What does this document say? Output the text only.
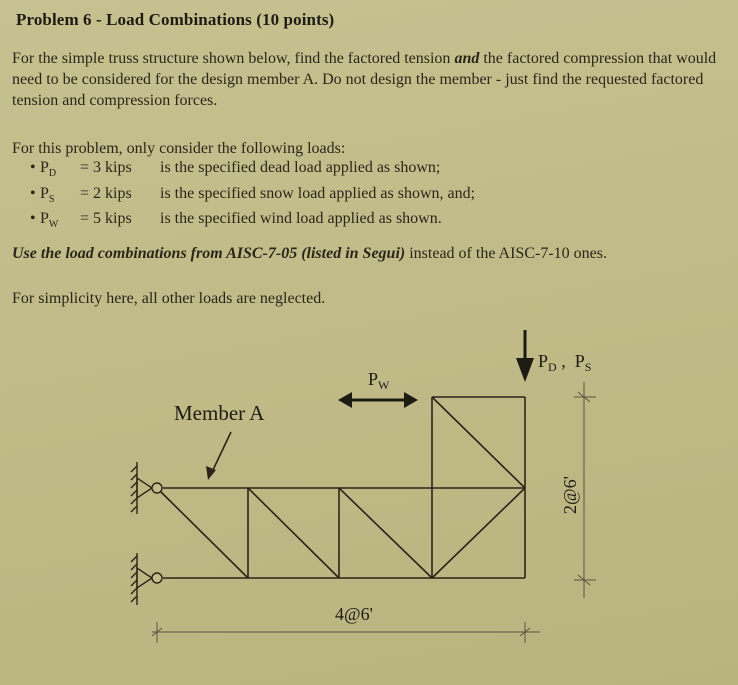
Problem 6 - Load Combinations (10 points)
For the simple truss structure shown below, find the factored tension and the factored compression that would need to be considered for the design member A. Do not design the member - just find the requested factored tension and compression forces.
For this problem, only consider the following loads:
• $P_D$	= 3 kips	is the specified dead load applied as shown;
• $P_S$	= 2 kips	is the specified snow load applied as shown, and;
• $P_W$	= 5 kips	is the specified wind load applied as shown.
Use the load combinations from AISC-7-05 (listed in Segui) instead of the AISC-7-10 ones.
For simplicity here, all other loads are neglected.
Member A
$P_W$
$P_D$ ,  $P_S$
4@6'
2@6'
